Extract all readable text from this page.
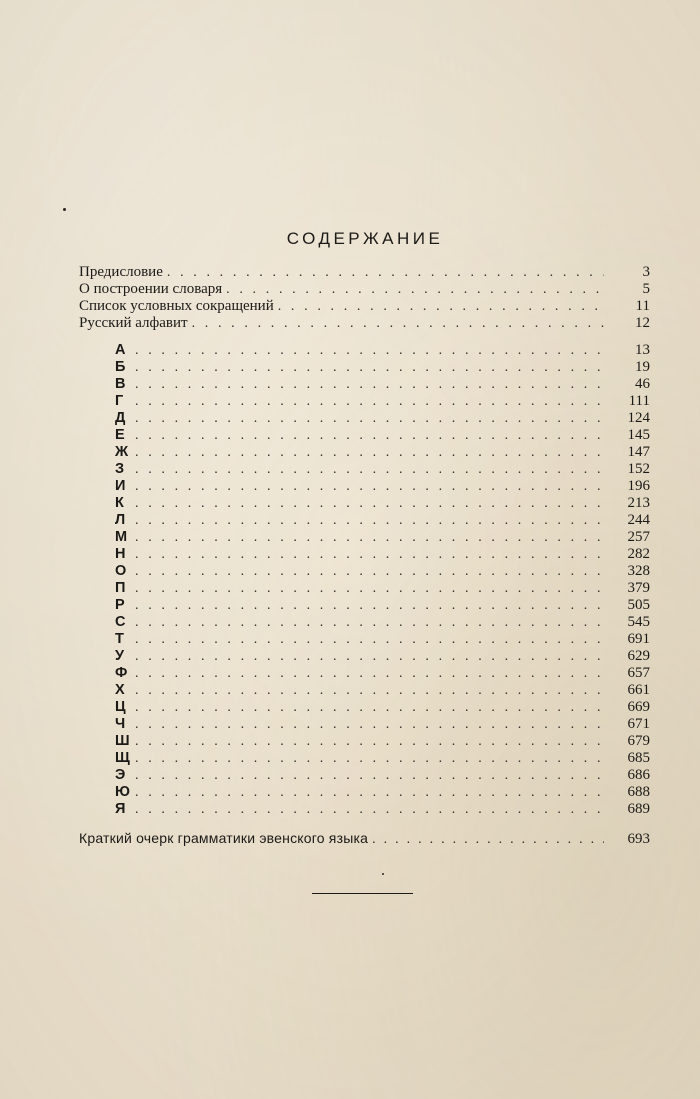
СОДЕРЖАНИЕ
Предисловие .....	3
О построении словаря .....	5
Список условных сокращений .....	11
Русский алфавит .....	12
А .....	13
Б .....	19
В .....	46
Г .....	111
Д .....	124
Е .....	145
Ж .....	147
З .....	152
И .....	196
К .....	213
Л .....	244
М .....	257
Н .....	282
О .....	328
П .....	379
Р .....	505
С .....	545
Т .....	691
У .....	629
Ф .....	657
Х .....	661
Ц .....	669
Ч .....	671
Ш .....	679
Щ .....	685
Э .....	686
Ю .....	688
Я .....	689
Краткий очерк грамматики эвенского языка .....	693
